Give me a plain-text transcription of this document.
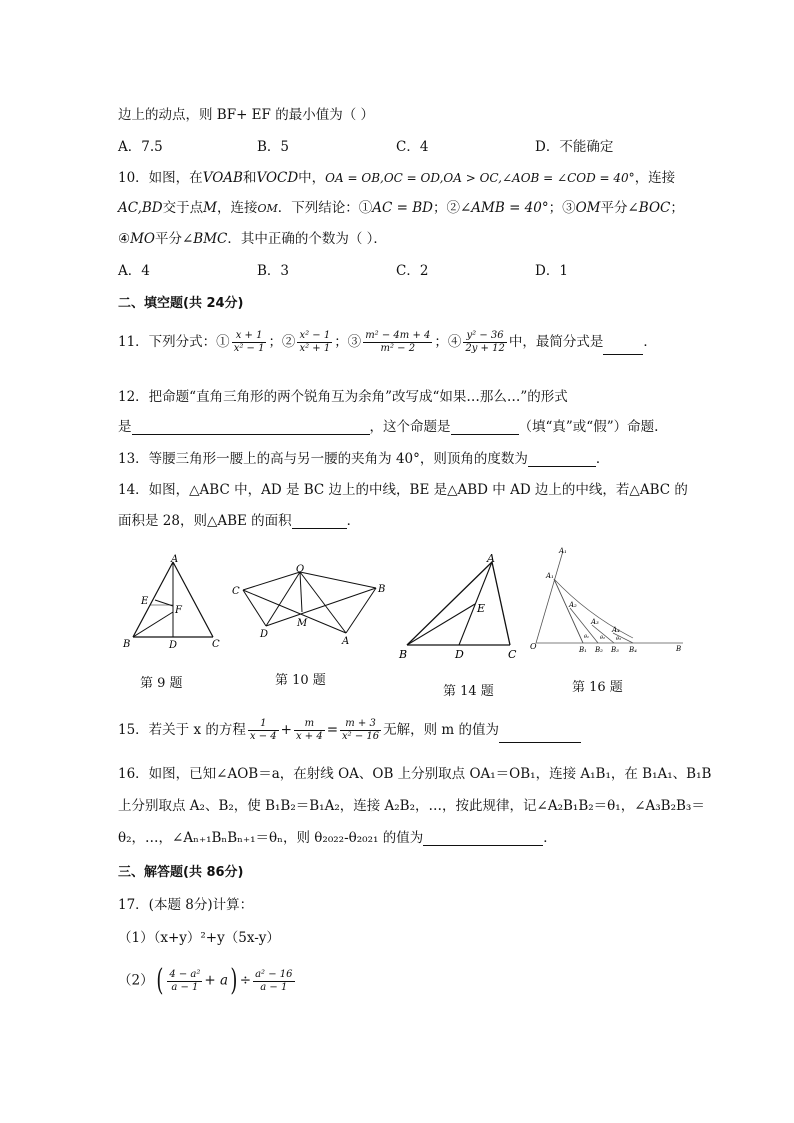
边上的动点，则 BF+ EF 的最小值为（ ）
A．7.5	B．5	C．4	D．不能确定
10．如图，在VOAB和VOCD中，OA = OB,OC = OD,OA > OC,∠AOB = ∠COD = 40°，连接
AC,BD交于点M，连接OM．下列结论：①AC = BD；②∠AMB = 40°；③OM平分∠BOC；
④MO平分∠BMC．其中正确的个数为（ ）．
A．4	B．3	C．2	D．1
二、填空题(共 24分)
11．下列分式：① $\frac{x + 1}{\text{x² − 1}}$ ；② $\frac{\text{x² − 1}}{\text{x² + 1}}$ ；③ $\frac{\text{m² − 4m + 4}}{\text{m² − 2}}$ ；④ $\frac{\text{y² − 36}}{2y + 12}$ 中，最简分式是	．
12．把命题“直角三角形的两个锐角互为余角”改写成“如果…那么…”的形式
是	，这个命题是	（填“真”或“假”）命题.
13．等腰三角形一腰上的高与另一腰的夹角为 40°，则顶角的度数为	．
14．如图，△ABC 中，AD 是 BC 边上的中线，BE 是△ABD 中 AD 边上的中线，若△ABC 的
面积是 28，则△ABE 的面积	．
A
B	C
D
E
F
O
C	B
D
M
A
A
B	C
D
E
A₁
A₁
A₂
A₃
A₄
O	B₁ B₂ B₃ B₄	B
θ₁ θ₂ θ₃
第 9 题	第 10 题
第 14 题	第 16 题
15．若关于 x 的方程 $\frac{1}{x - 4} + \frac{m}{x + 4} = \frac{m + 3}{\text{x² − 16}}$ 无解，则 m 的值为
16．如图，已知∠AOB＝a，在射线 OA、OB 上分别取点 OA₁＝OB₁，连接 A₁B₁，在 B₁A₁、B₁B
上分别取点 A₂、B₂，使 B₁B₂＝B₁A₂，连接 A₂B₂，…，按此规律，记∠A₂B₁B₂＝θ₁，∠A₃B₂B₃＝
θ₂，…，∠Aₙ₊₁BₙBₙ₊₁＝θₙ，则 θ₂₀₂₂-θ₂₀₂₁ 的值为	．
三、解答题(共 86分)
17．(本题 8分)计算：
（1）（x+y）²+y（5x-y）
$(2)( \frac{\text{4 − a²}}{a - 1} + a) \div \frac{\text{a² − 16}}{a - 1}$
